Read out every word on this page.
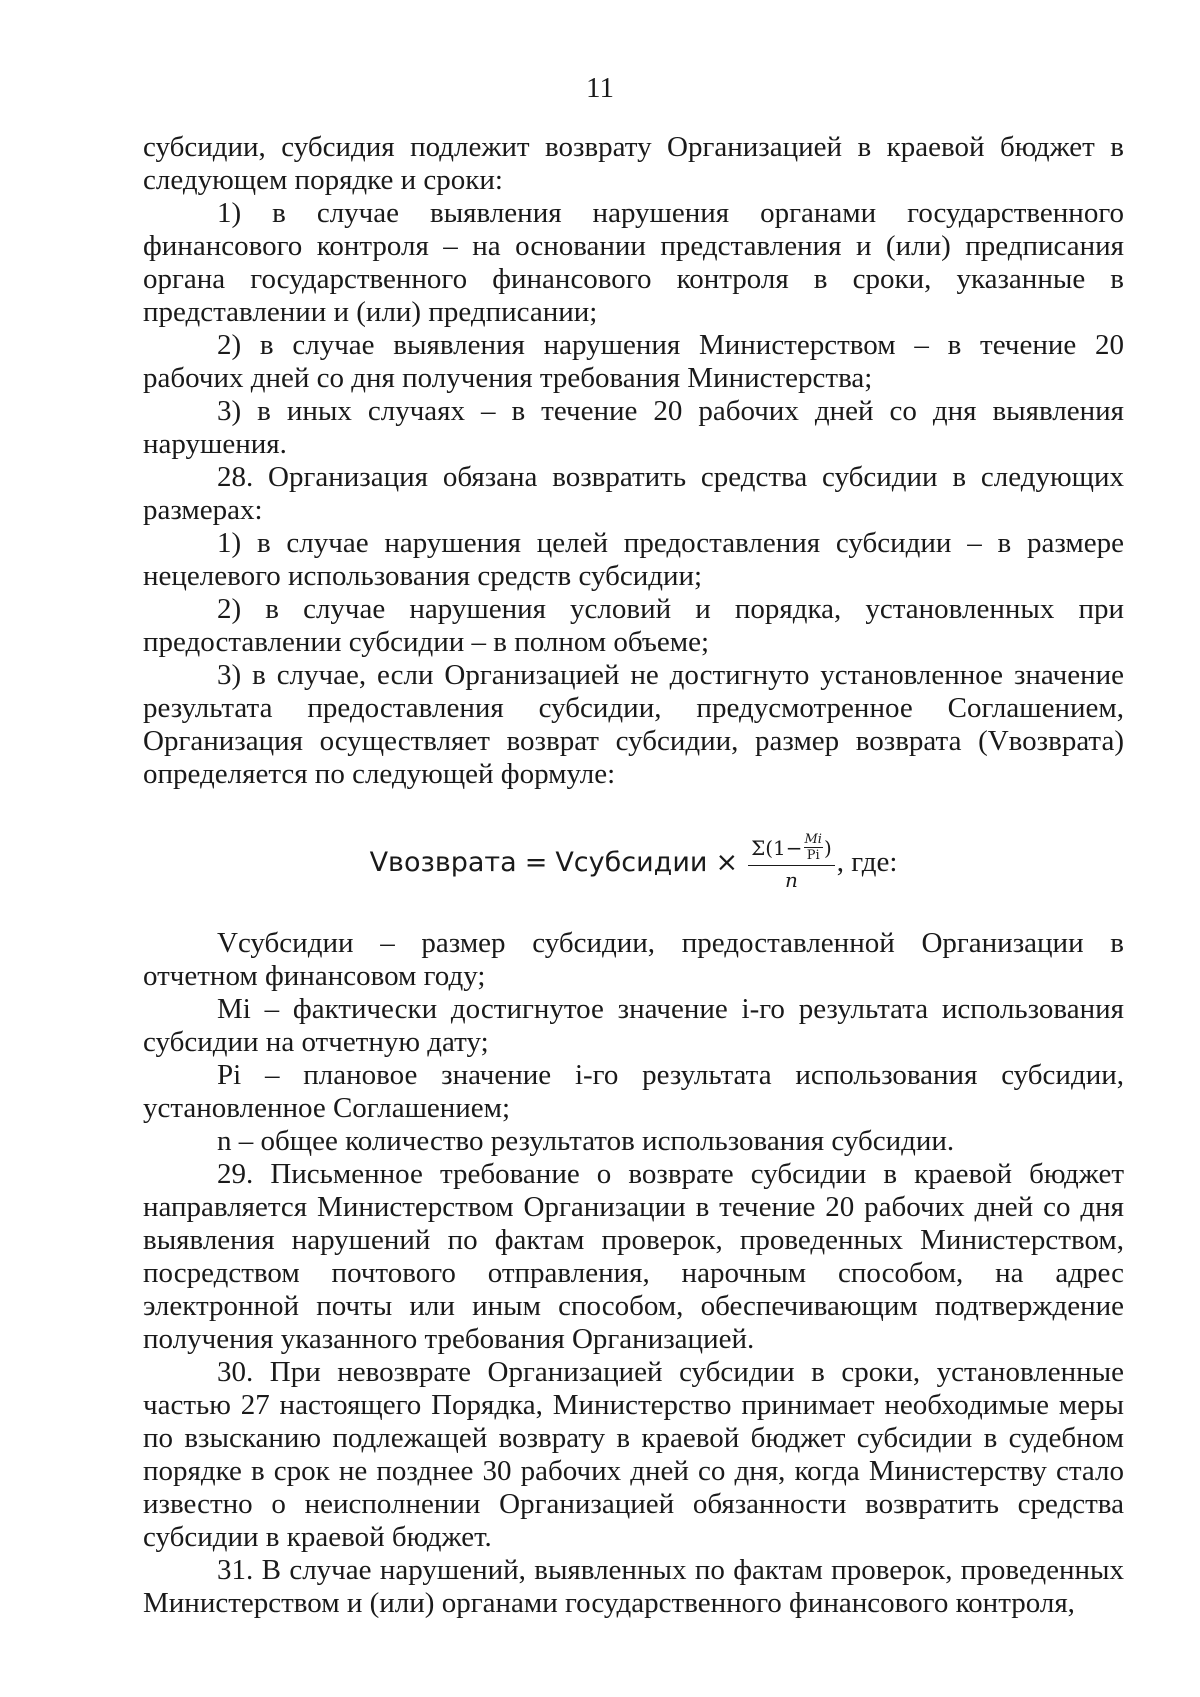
11

субсидии, субсидия подлежит возврату Организацией в краевой бюджет в следующем порядке и сроки:

1) в случае выявления нарушения органами государственного финансового контроля – на основании представления и (или) предписания органа государственного финансового контроля в сроки, указанные в представлении и (или) предписании;

2) в случае выявления нарушения Министерством – в течение 20 рабочих дней со дня получения требования Министерства;

3) в иных случаях – в течение 20 рабочих дней со дня выявления нарушения.

28. Организация обязана возвратить средства субсидии в следующих размерах:

1) в случае нарушения целей предоставления субсидии – в размере нецелевого использования средств субсидии;

2) в случае нарушения условий и порядка, установленных при предоставлении субсидии – в полном объеме;

3) в случае, если Организацией не достигнуто установленное значение результата предоставления субсидии, предусмотренное Соглашением, Организация осуществляет возврат субсидии, размер возврата (Vвозврата) определяется по следующей формуле:

Vвозврата = Vсубсидии × $\Sigma(1- \frac{Mi}{Pi}$ )
n
, где:

Vсубсидии – размер субсидии, предоставленной Организации в отчетном финансовом году;

Mi – фактически достигнутое значение i-го результата использования субсидии на отчетную дату;

Pi – плановое значение i-го результата использования субсидии, установленное Соглашением;

n – общее количество результатов использования субсидии.

29. Письменное требование о возврате субсидии в краевой бюджет направляется Министерством Организации в течение 20 рабочих дней со дня выявления нарушений по фактам проверок, проведенных Министерством, посредством почтового отправления, нарочным способом, на адрес электронной почты или иным способом, обеспечивающим подтверждение получения указанного требования Организацией.

30. При невозврате Организацией субсидии в сроки, установленные частью 27 настоящего Порядка, Министерство принимает необходимые меры по взысканию подлежащей возврату в краевой бюджет субсидии в судебном порядке в срок не позднее 30 рабочих дней со дня, когда Министерству стало известно о неисполнении Организацией обязанности возвратить средства субсидии в краевой бюджет.

31. В случае нарушений, выявленных по фактам проверок, проведенных Министерством и (или) органами государственного финансового контроля,
